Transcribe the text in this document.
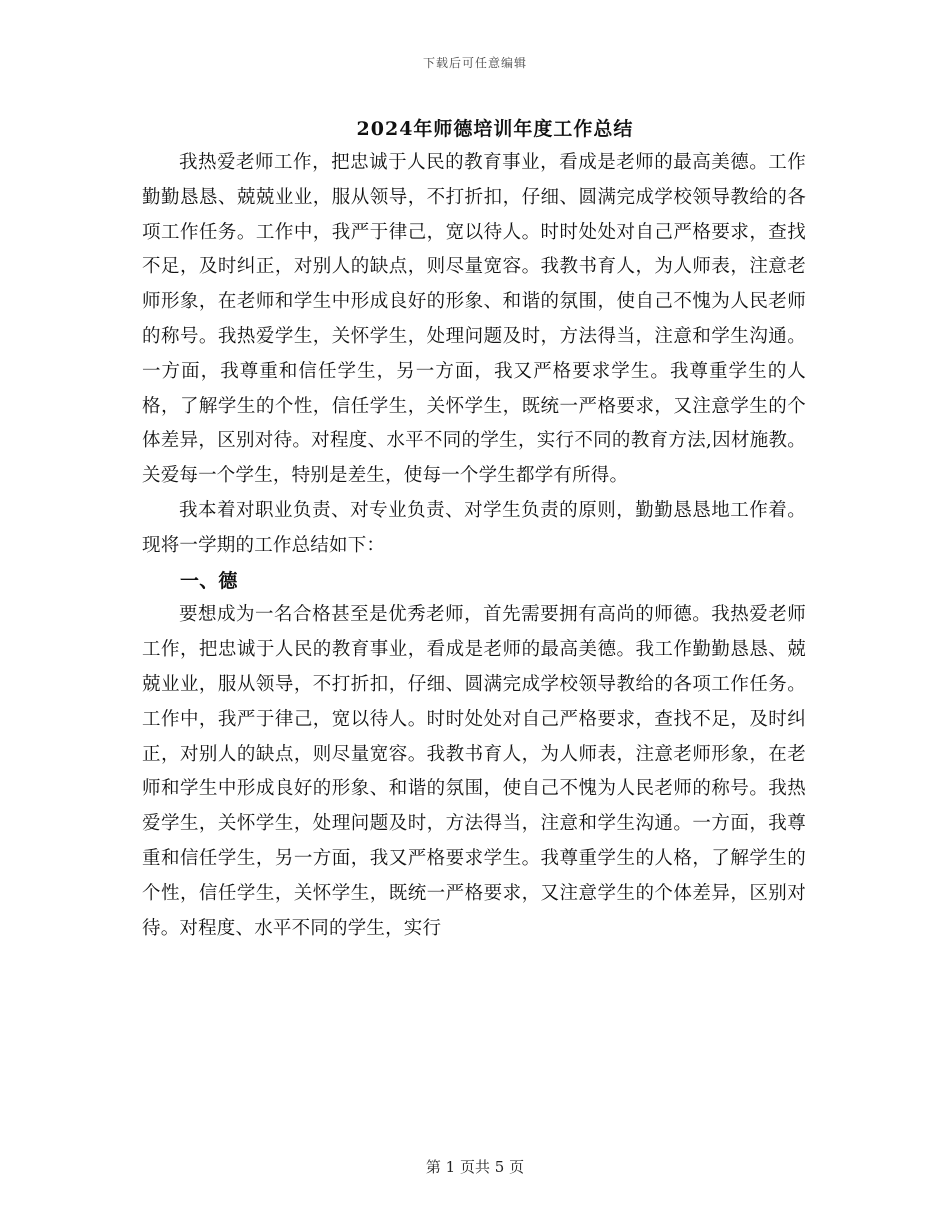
下载后可任意编辑
2024年师德培训年度工作总结

我热爱老师工作，把忠诚于人民的教育事业，看成是老师的最高美德。工作勤勤恳恳、兢兢业业，服从领导，不打折扣，仔细、圆满完成学校领导教给的各项工作任务。工作中，我严于律己，宽以待人。时时处处对自己严格要求，查找不足，及时纠正，对别人的缺点，则尽量宽容。我教书育人，为人师表，注意老师形象，在老师和学生中形成良好的形象、和谐的氛围，使自己不愧为人民老师的称号。我热爱学生，关怀学生，处理问题及时，方法得当，注意和学生沟通。一方面，我尊重和信任学生，另一方面，我又严格要求学生。我尊重学生的人格，了解学生的个性，信任学生，关怀学生，既统一严格要求，又注意学生的个体差异，区别对待。对程度、水平不同的学生，实行不同的教育方法,因材施教。关爱每一个学生，特别是差生，使每一个学生都学有所得。

我本着对职业负责、对专业负责、对学生负责的原则，勤勤恳恳地工作着。现将一学期的工作总结如下：

一、德

要想成为一名合格甚至是优秀老师，首先需要拥有高尚的师德。我热爱老师工作，把忠诚于人民的教育事业，看成是老师的最高美德。我工作勤勤恳恳、兢兢业业，服从领导，不打折扣，仔细、圆满完成学校领导教给的各项工作任务。工作中，我严于律己，宽以待人。时时处处对自己严格要求，查找不足，及时纠正，对别人的缺点，则尽量宽容。我教书育人，为人师表，注意老师形象，在老师和学生中形成良好的形象、和谐的氛围，使自己不愧为人民老师的称号。我热爱学生，关怀学生，处理问题及时，方法得当，注意和学生沟通。一方面，我尊重和信任学生，另一方面，我又严格要求学生。我尊重学生的人格，了解学生的个性，信任学生，关怀学生，既统一严格要求，又注意学生的个体差异，区别对待。对程度、水平不同的学生，实行

第 1 页共 5 页
